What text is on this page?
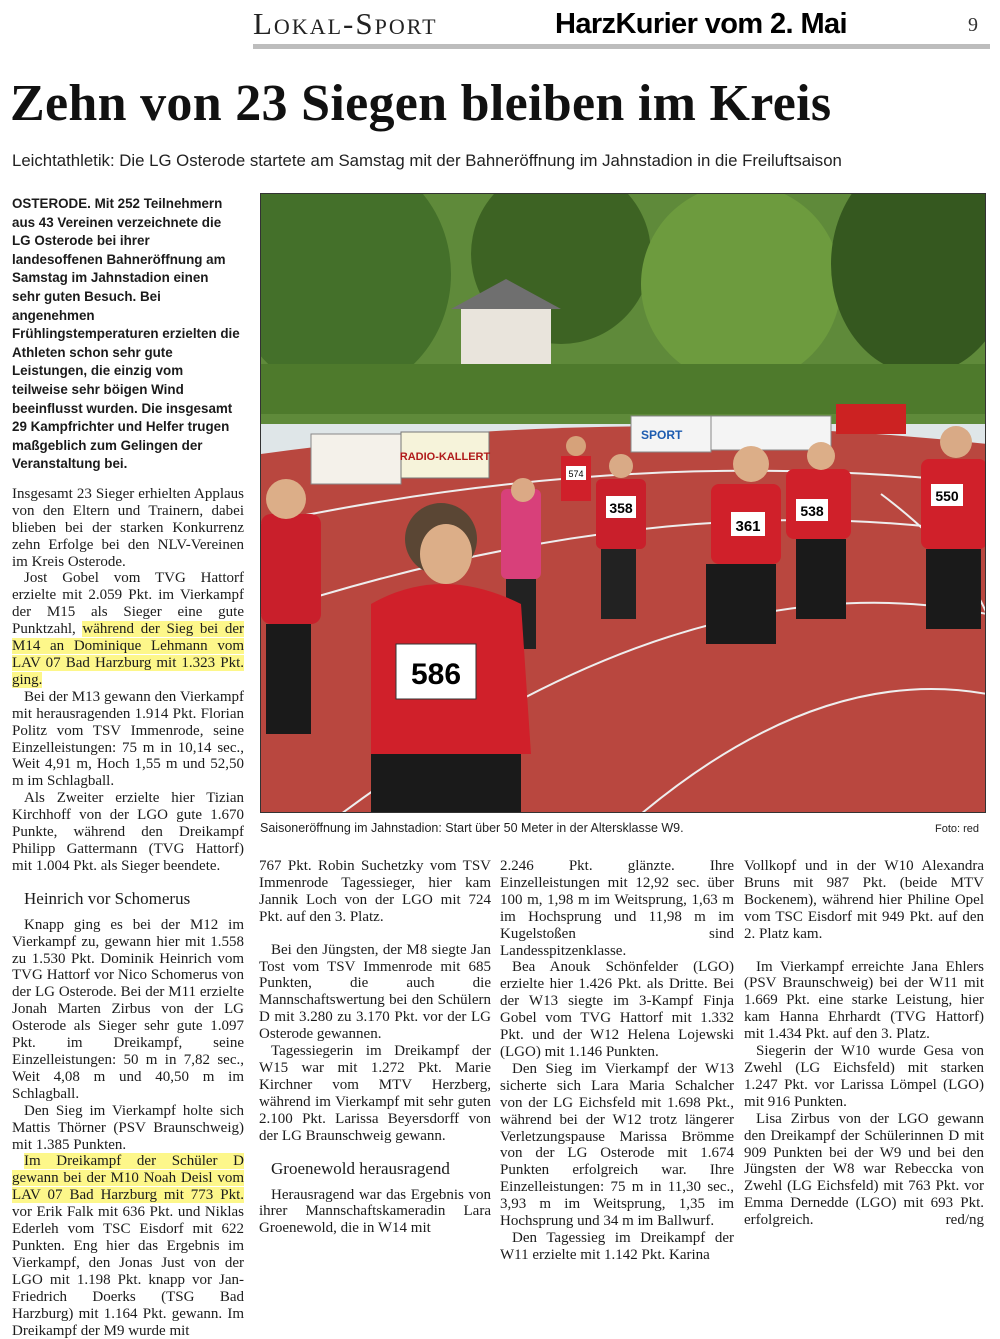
Lokal-Sport	HarzKurier vom 2. Mai	9
Zehn von 23 Siegen bleiben im Kreis
Leichtathletik: Die LG Osterode startete am Samstag mit der Bahneröffnung im Jahnstadion in die Freiluftsaison
OSTERODE. Mit 252 Teilnehmern aus 43 Vereinen verzeichnete die LG Osterode bei ihrer landesoffenen Bahneröffnung am Samstag im Jahnstadion einen sehr guten Besuch. Bei angenehmen Frühlingstemperaturen erzielten die Athleten schon sehr gute Leistungen, die einzig vom teilweise sehr böigen Wind beeinflusst wurden. Die insgesamt 29 Kampfrichter und Helfer trugen maßgeblich zum Gelingen der Veranstaltung bei.

Insgesamt 23 Sieger erhielten Applaus von den Eltern und Trainern, dabei blieben bei der starken Konkurrenz zehn Erfolge bei den NLV-Vereinen im Kreis Osterode.

Jost Gobel vom TVG Hattorf erzielte mit 2.059 Pkt. im Vierkampf der M15 als Sieger eine gute Punktzahl, während der Sieg bei der M14 an Dominique Lehmann vom LAV 07 Bad Harzburg mit 1.323 Pkt. ging.

Bei der M13 gewann den Vierkampf mit herausragenden 1.914 Pkt. Florian Politz vom TSV Immenrode, seine Einzelleistungen: 75 m in 10,14 sec., Weit 4,91 m, Hoch 1,55 m und 52,50 m im Schlagball.

Als Zweiter erzielte hier Tizian Kirchhoff von der LGO gute 1.670 Punkte, während den Dreikampf Philipp Gattermann (TVG Hattorf) mit 1.004 Pkt. als Sieger beendete.

Heinrich vor Schomerus

Knapp ging es bei der M12 im Vierkampf zu, gewann hier mit 1.558 zu 1.530 Pkt. Dominik Heinrich vom TVG Hattorf vor Nico Schomerus von der LG Osterode. Bei der M11 erzielte Jonah Marten Zirbus von der LG Osterode als Sieger sehr gute 1.097 Pkt. im Dreikampf, seine Einzelleistungen: 50 m in 7,82 sec., Weit 4,08 m und 40,50 m im Schlagball.

Den Sieg im Vierkampf holte sich Mattis Thörner (PSV Braunschweig) mit 1.385 Punkten.

Im Dreikampf der Schüler D gewann bei der M10 Noah Deisl vom LAV 07 Bad Harzburg mit 773 Pkt. vor Erik Falk mit 636 Pkt. und Niklas Ederleh vom TSC Eisdorf mit 622 Punkten. Eng hier das Ergebnis im Vierkampf, den Jonas Just von der LGO mit 1.198 Pkt. knapp vor Jan-Friedrich Doerks (TSG Bad Harzburg) mit 1.164 Pkt. gewann. Im Dreikampf der M9 wurde mit

RADIO-KALLERT
SPORT
574
358
361
538
550
586
Saisoneröffnung im Jahnstadion: Start über 50 Meter in der Altersklasse W9.	Foto: red

767 Pkt. Robin Suchetzky vom TSV Immenrode Tagessieger, hier kam Jannik Loch von der LGO mit 724 Pkt. auf den 3. Platz.

Bei den Jüngsten, der M8 siegte Jan Tost vom TSV Immenrode mit 685 Punkten, die auch die Mannschaftswertung bei den Schülern D mit 3.280 zu 3.170 Pkt. vor der LG Osterode gewannen.

Tagessiegerin im Dreikampf der W15 war mit 1.272 Pkt. Marie Kirchner vom MTV Herzberg, während im Vierkampf mit sehr guten 2.100 Pkt. Larissa Beyersdorff von der LG Braunschweig gewann.

Groenewold herausragend

Herausragend war das Ergebnis von ihrer Mannschaftskameradin Lara Groenewold, die in W14 mit

2.246 Pkt. glänzte. Ihre Einzelleistungen mit 12,92 sec. über 100 m, 1,98 m im Weitsprung, 1,63 m im Hochsprung und 11,98 m im Kugelstoßen sind Landesspitzenklasse.

Bea Anouk Schönfelder (LGO) erzielte hier 1.426 Pkt. als Dritte. Bei der W13 siegte im 3-Kampf Finja Gobel vom TVG Hattorf mit 1.332 Pkt. und der W12 Helena Lojewski (LGO) mit 1.146 Punkten.

Den Sieg im Vierkampf der W13 sicherte sich Lara Maria Schalcher von der LG Eichsfeld mit 1.698 Pkt., während bei der W12 trotz längerer Verletzungspause Marissa Brömme von der LG Osterode mit 1.674 Punkten erfolgreich war. Ihre Einzelleistungen: 75 m in 11,30 sec., 3,93 m im Weitsprung, 1,35 im Hochsprung und 34 m im Ballwurf.

Den Tagessieg im Dreikampf der W11 erzielte mit 1.142 Pkt. Karina

Vollkopf und in der W10 Alexandra Bruns mit 987 Pkt. (beide MTV Bockenem), während hier Philine Opel vom TSC Eisdorf mit 949 Pkt. auf den 2. Platz kam.

Im Vierkampf erreichte Jana Ehlers (PSV Braunschweig) bei der W11 mit 1.669 Pkt. eine starke Leistung, hier kam Hanna Ehrhardt (TVG Hattorf) mit 1.434 Pkt. auf den 3. Platz.

Siegerin der W10 wurde Gesa von Zwehl (LG Eichsfeld) mit starken 1.247 Pkt. vor Larissa Lömpel (LGO) mit 916 Punkten.

Lisa Zirbus von der LGO gewann den Dreikampf der Schülerinnen D mit 909 Punkten bei der W9 und bei den Jüngsten der W8 war Rebeccka von Zwehl (LG Eichsfeld) mit 763 Pkt. vor Emma Dernedde (LGO) mit 693 Pkt. erfolgreich.	red/ng
